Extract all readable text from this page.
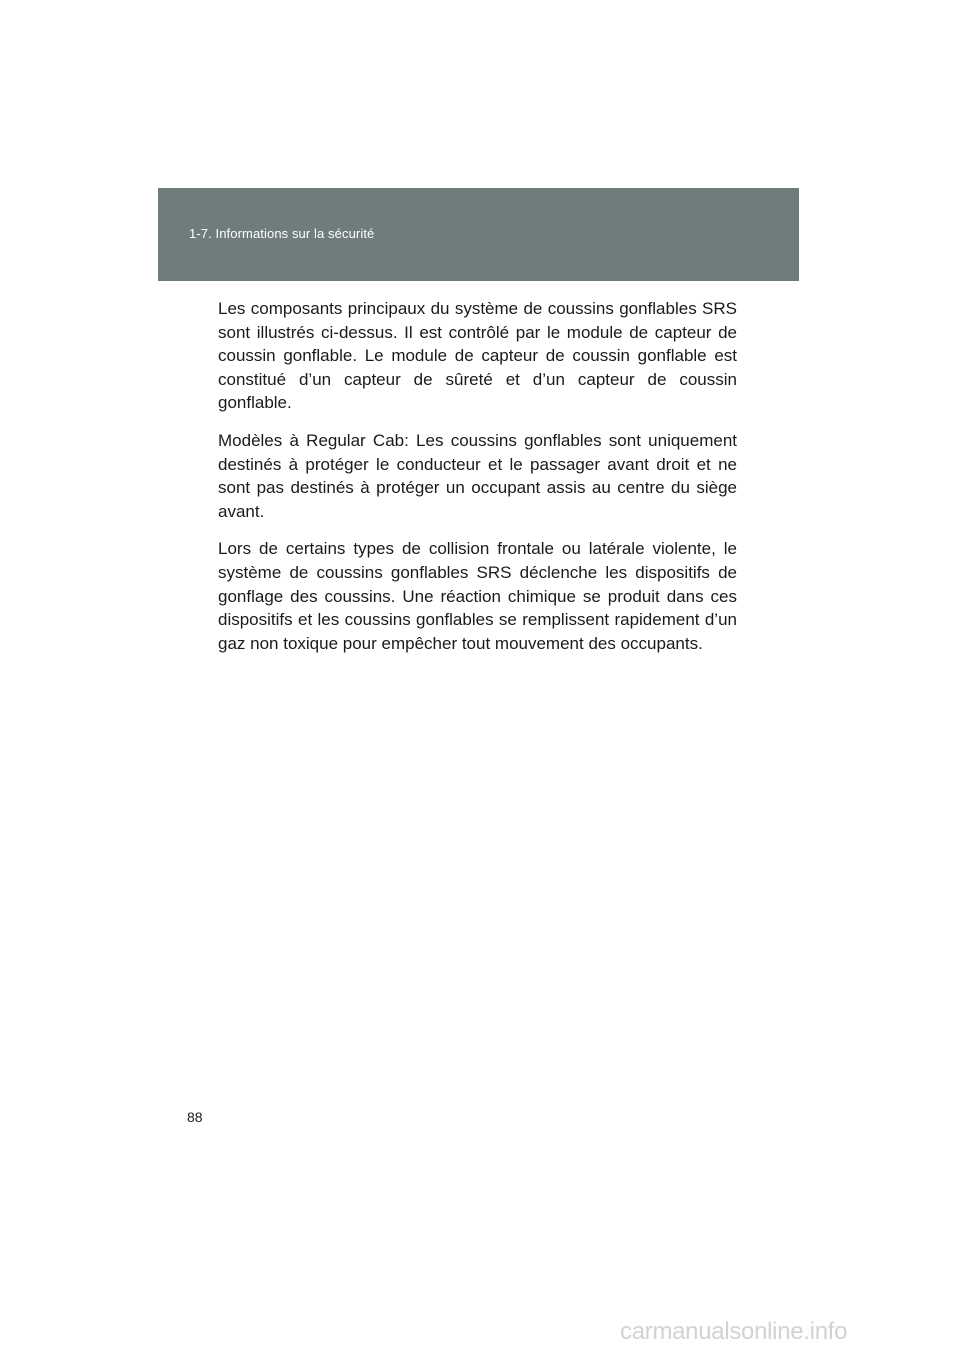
1-7. Informations sur la sécurité

Les composants principaux du système de coussins gonflables SRS sont illustrés ci-dessus. Il est contrôlé par le module de capteur de coussin gonflable. Le module de capteur de coussin gonflable est constitué d’un capteur de sûreté et d’un capteur de coussin gonflable.

Modèles à Regular Cab: Les coussins gonflables sont uniquement destinés à protéger le conducteur et le passager avant droit et ne sont pas destinés à protéger un occupant assis au centre du siège avant.

Lors de certains types de collision frontale ou latérale violente, le système de coussins gonflables SRS déclenche les dispositifs de gonflage des coussins. Une réaction chimique se produit dans ces dispositifs et les coussins gonflables se remplissent rapidement d’un gaz non toxique pour empêcher tout mouvement des occupants.

88
carmanualsonline.info
